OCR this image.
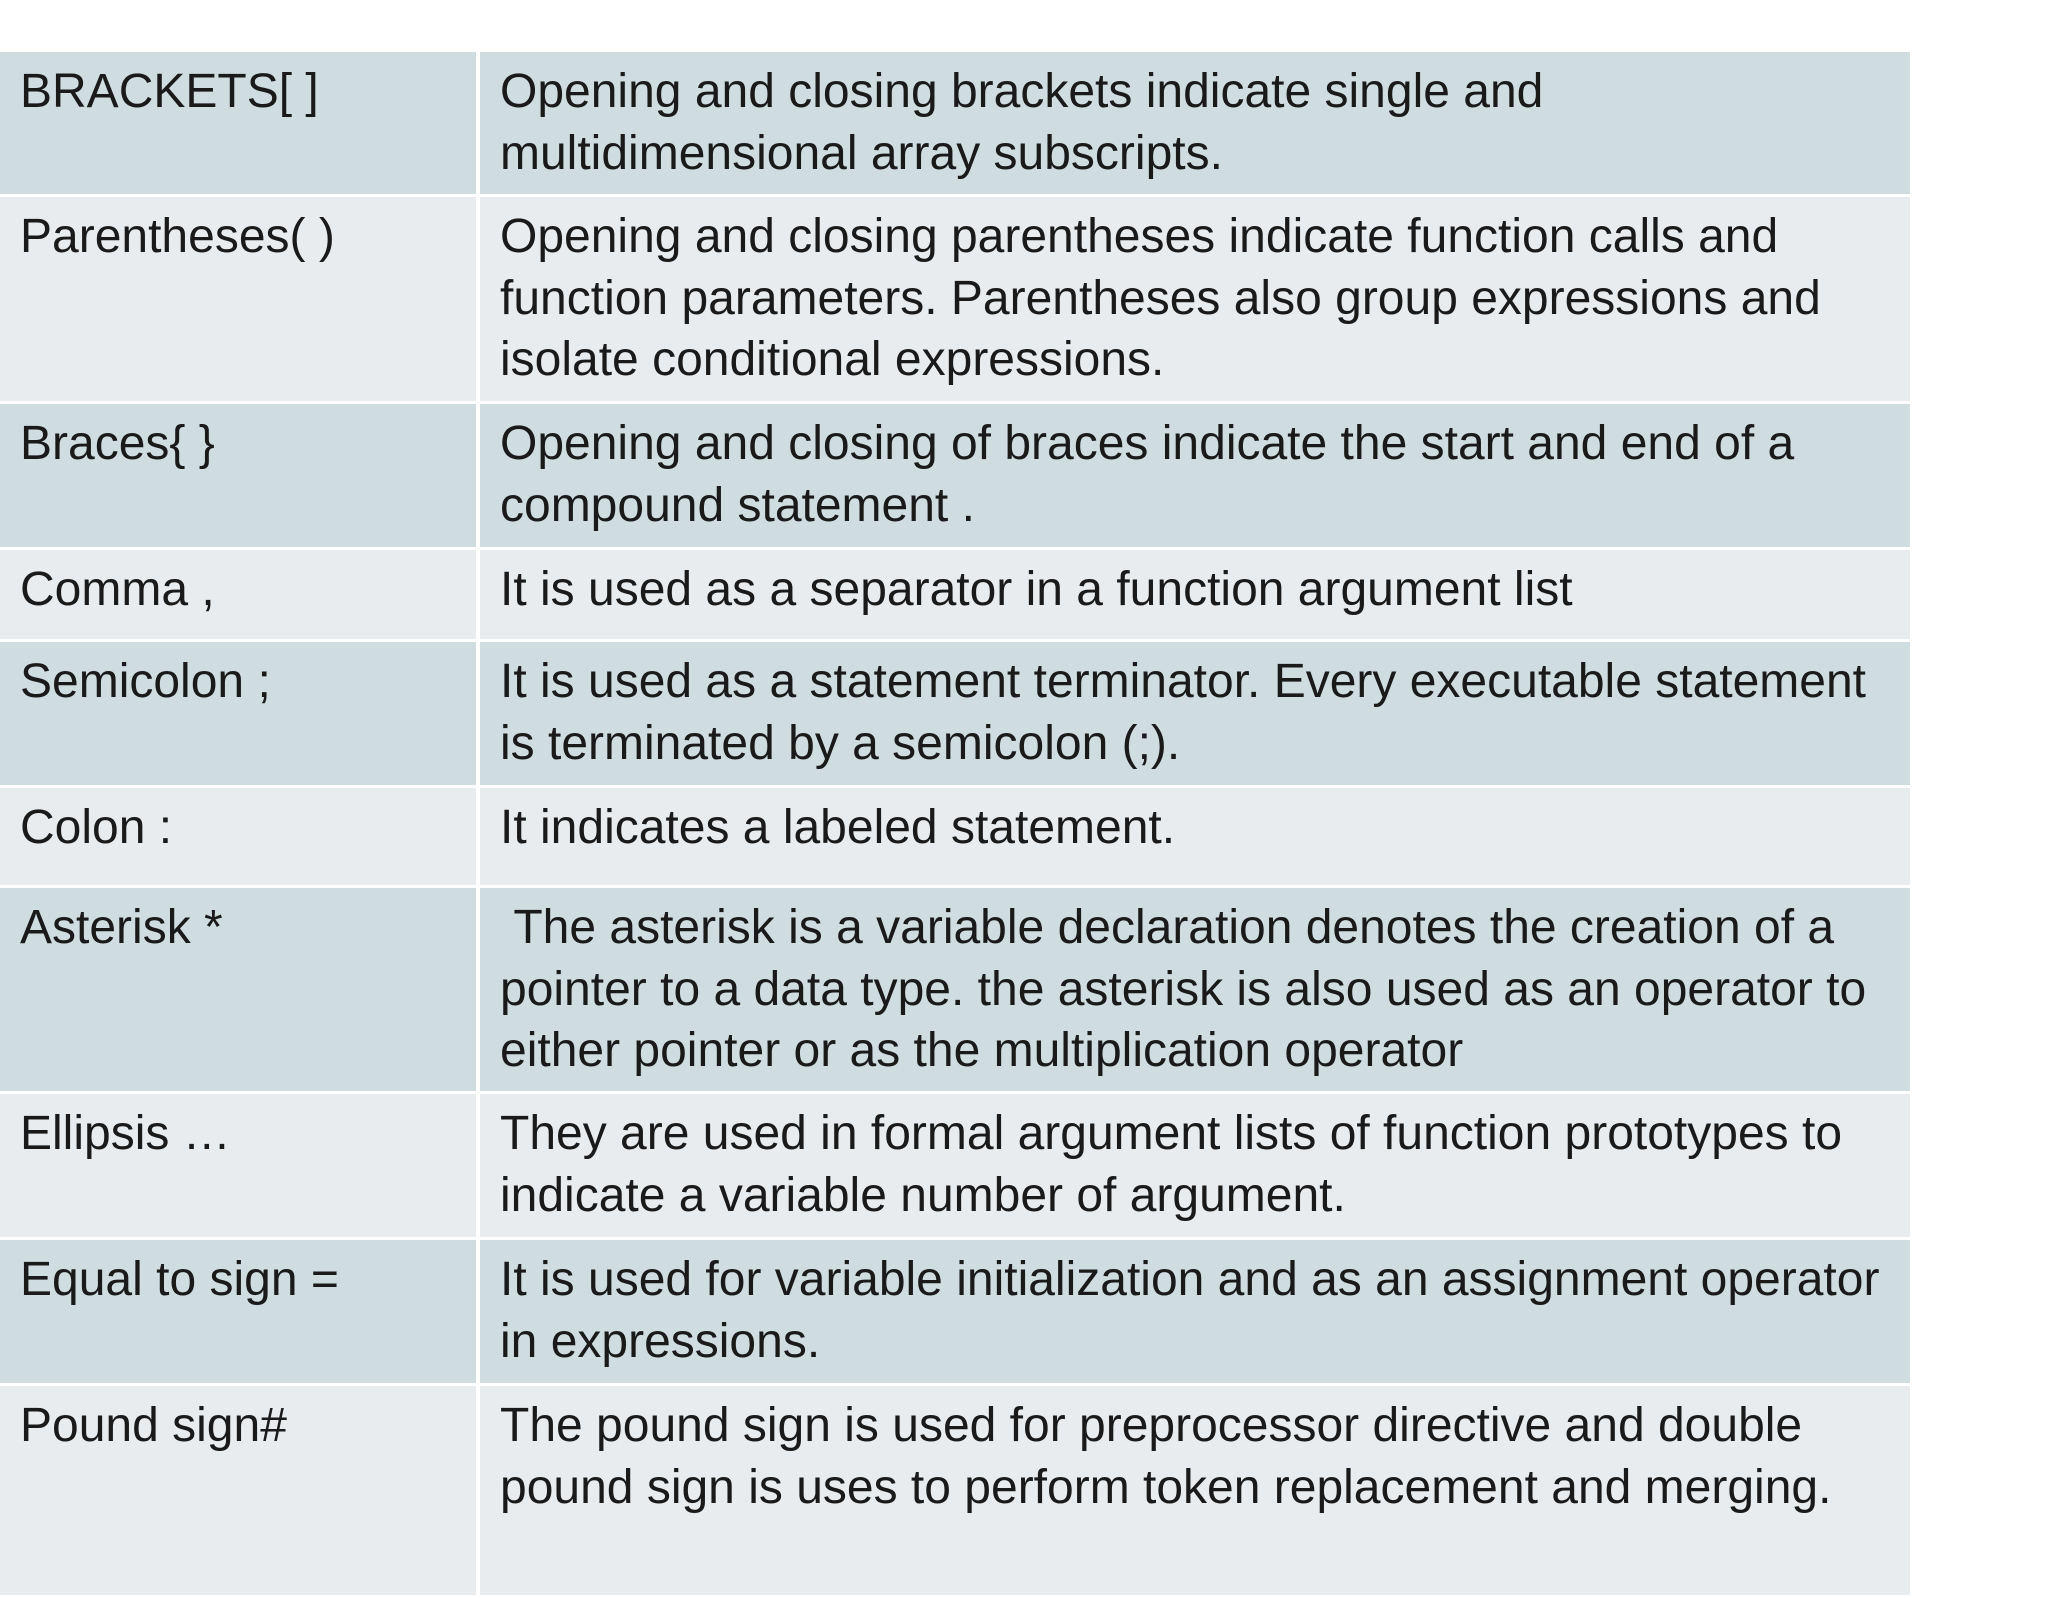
BRACKETS[ ]	Opening and closing brackets indicate single and multidimensional array subscripts.
Parentheses( )	Opening and closing parentheses indicate function calls and function parameters. Parentheses also group expressions and isolate conditional expressions.
Braces{ }	Opening and closing of braces indicate the start and end of a compound statement .
Comma ,	It is used as a separator in a function argument list
Semicolon ;	It is used as a statement terminator. Every executable statement is terminated by a semicolon (;).
Colon :	It indicates a labeled statement.
Asterisk *	The asterisk is a variable declaration denotes the creation of a pointer to a data type. the asterisk is also used as an operator to either pointer or as the multiplication operator
Ellipsis …	They are used in formal argument lists of function prototypes to indicate a variable number of argument.
Equal to sign =	It is used for variable initialization and as an assignment operator in expressions.
Pound sign#	The pound sign is used for preprocessor directive and double pound sign is uses to perform token replacement and merging.
